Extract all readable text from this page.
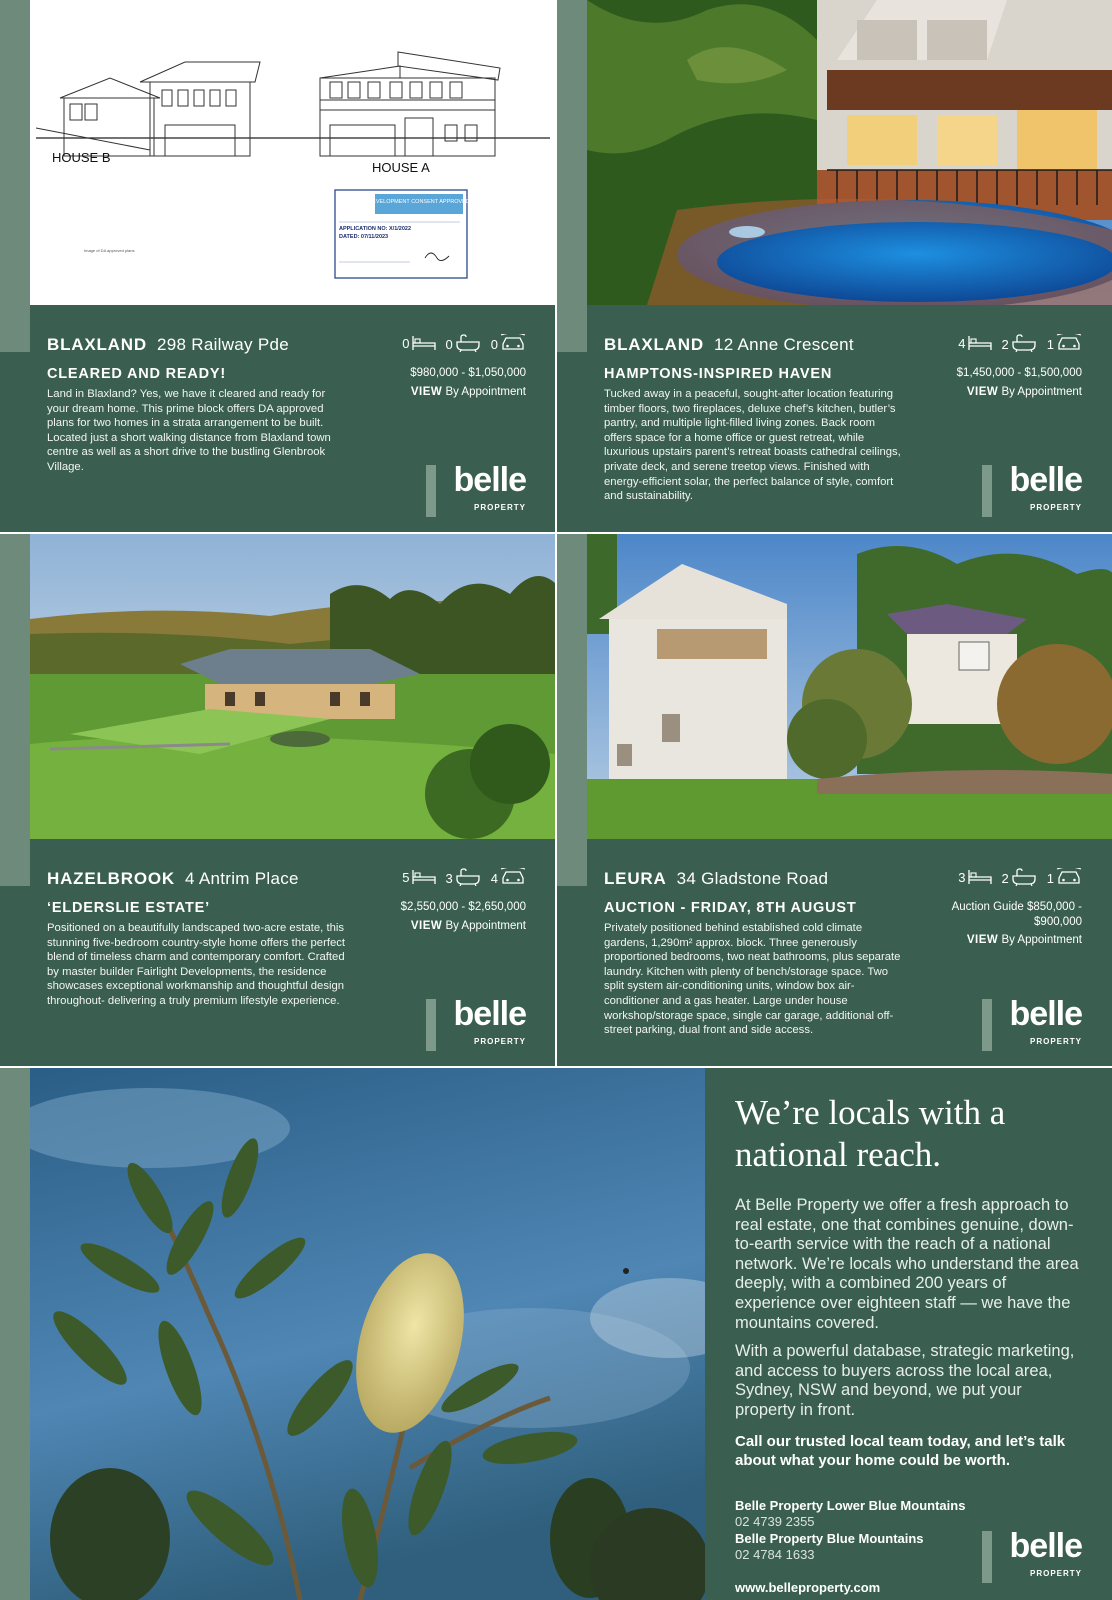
HOUSE B
HOUSE A
DEVELOPMENT CONSENT APPROVED
APPLICATION NO: X/1/2022
DATED: 07/11/2023
Image of DA approved plans
BLAXLAND 298 Railway Pde	0	0	0
CLEARED AND READY!
Land in Blaxland? Yes, we have it cleared and ready for your dream home. This prime block offers DA approved plans for two homes in a strata arrangement to be built. Located just a short walking distance from Blaxland town centre as well as a short drive to the bustling Glenbrook Village.
$980,000 - $1,050,000
VIEW By Appointment
belle
PROPERTY
BLAXLAND 12 Anne Crescent	4	2	1
HAMPTONS-INSPIRED HAVEN
Tucked away in a peaceful, sought-after location featuring timber floors, two fireplaces, deluxe chef’s kitchen, butler’s pantry, and multiple light-filled living zones. Back room offers space for a home office or guest retreat, while luxurious upstairs parent’s retreat boasts cathedral ceilings, private deck, and serene treetop views. Finished with energy-efficient solar, the perfect balance of style, comfort and sustainability.
$1,450,000 - $1,500,000
VIEW By Appointment
belle
PROPERTY
HAZELBROOK 4 Antrim Place	5	3	4
‘ELDERSLIE ESTATE’
Positioned on a beautifully landscaped two-acre estate, this stunning five-bedroom country-style home offers the perfect blend of timeless charm and contemporary comfort. Crafted by master builder Fairlight Developments, the residence showcases exceptional workmanship and thoughtful design throughout- delivering a truly premium lifestyle experience.
$2,550,000 - $2,650,000
VIEW By Appointment
belle
PROPERTY
LEURA 34 Gladstone Road	3	2	1
AUCTION - FRIDAY, 8TH AUGUST
Privately positioned behind established cold climate gardens, 1,290m² approx. block. Three generously proportioned bedrooms, two neat bathrooms, plus separate laundry. Kitchen with plenty of bench/storage space. Two split system air-conditioning units, window box air-conditioner and a gas heater. Large under house workshop/storage space, single car garage, additional off-street parking, dual front and side access.
Auction Guide $850,000 - $900,000
VIEW By Appointment
belle
PROPERTY
We’re locals with a national reach.
At Belle Property we offer a fresh approach to real estate, one that combines genuine, down-to-earth service with the reach of a national network. We’re locals who understand the area deeply, with a combined 200 years of experience over eighteen staff — we have the mountains covered.
With a powerful database, strategic marketing, and access to buyers across the local area, Sydney, NSW and beyond, we put your property in front.
Call our trusted local team today, and let’s talk about what your home could be worth.
Belle Property Lower Blue Mountains
02 4739 2355
Belle Property Blue Mountains
02 4784 1633
www.belleproperty.com
belle
PROPERTY
